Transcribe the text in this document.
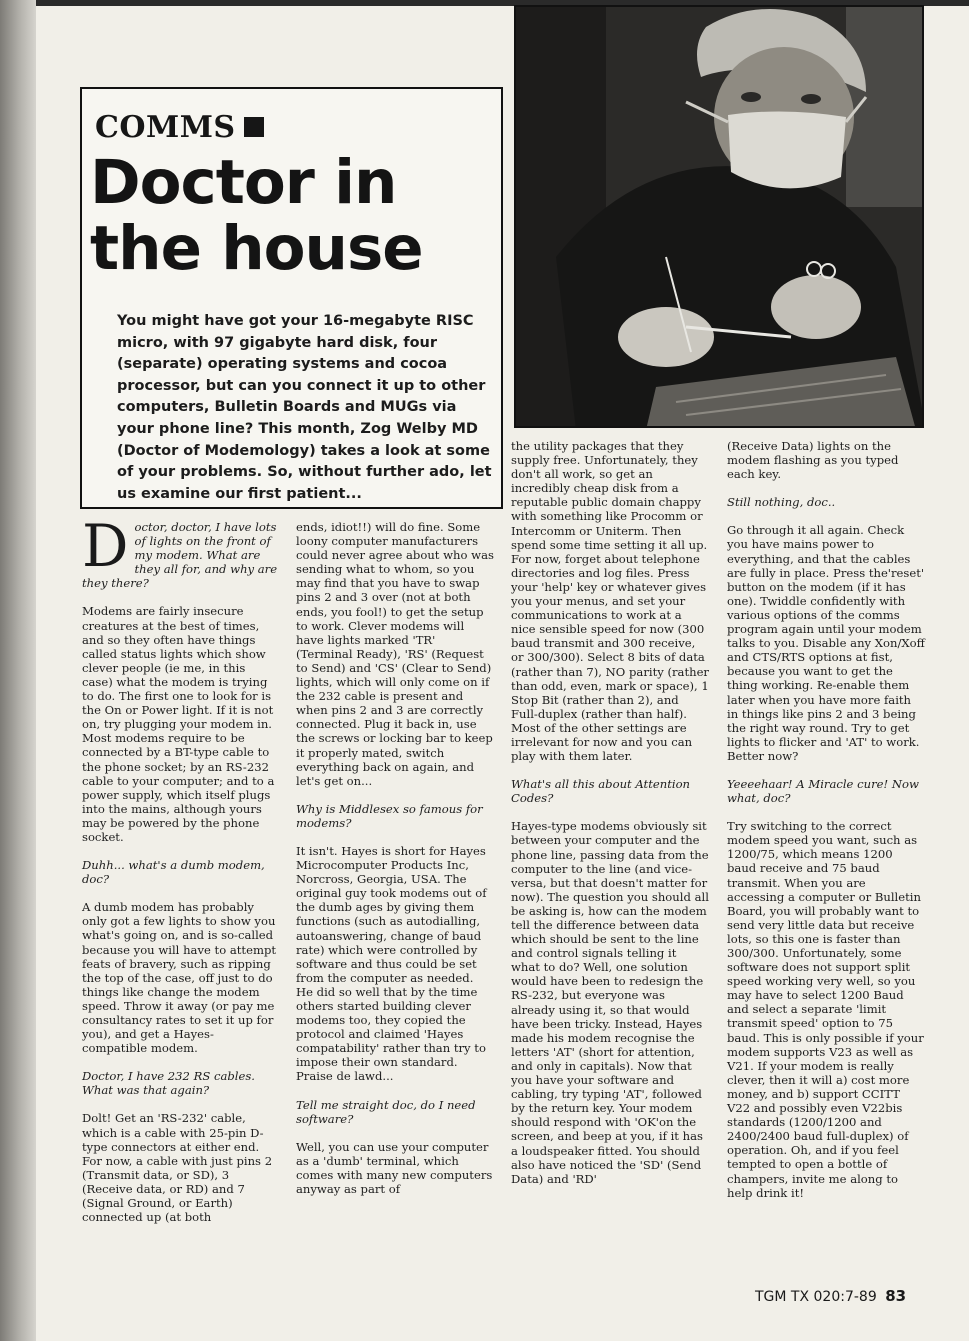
COMMS
Doctor in the house
You might have got your 16-megabyte RISC micro, with 97 gigabyte hard disk, four (separate) operating systems and cocoa processor, but can you connect it up to other computers, Bulletin Boards and MUGs via your phone line? This month, Zog Welby MD (Doctor of Modemology) takes a look at some of your problems. So, without further ado, let us examine our first patient...
D octor, doctor, I have lots of lights on the front of my modem. What are they all for, and why are they there?

Modems are fairly insecure creatures at the best of times, and so they often have things called status lights which show clever people (ie me, in this case) what the modem is trying to do. The first one to look for is the On or Power light. If it is not on, try plugging your modem in. Most modems require to be connected by a BT-type cable to the phone socket; by an RS-232 cable to your computer; and to a power supply, which itself plugs into the mains, although yours may be powered by the phone socket.

Duhh... what's a dumb modem, doc?

A dumb modem has probably only got a few lights to show you what's going on, and is so-called because you will have to attempt feats of bravery, such as ripping the top of the case, off just to do things like change the modem speed. Throw it away (or pay me consultancy rates to set it up for you), and get a Hayes-compatible modem.

Doctor, I have 232 RS cables. What was that again?

Dolt! Get an 'RS-232' cable, which is a cable with 25-pin D-type connectors at either end. For now, a cable with just pins 2 (Transmit data, or SD), 3 (Receive data, or RD) and 7 (Signal Ground, or Earth) connected up (at both

ends, idiot!!) will do fine. Some loony computer manufacturers could never agree about who was sending what to whom, so you may find that you have to swap pins 2 and 3 over (not at both ends, you fool!) to get the setup to work. Clever modems will have lights marked 'TR' (Terminal Ready), 'RS' (Request to Send) and 'CS' (Clear to Send) lights, which will only come on if the 232 cable is present and when pins 2 and 3 are correctly connected. Plug it back in, use the screws or locking bar to keep it properly mated, switch everything back on again, and let's get on...

Why is Middlesex so famous for modems?

It isn't. Hayes is short for Hayes Microcomputer Products Inc, Norcross, Georgia, USA. The original guy took modems out of the dumb ages by giving them functions (such as autodialling, autoanswering, change of baud rate) which were controlled by software and thus could be set from the computer as needed. He did so well that by the time others started building clever modems too, they copied the protocol and claimed 'Hayes compatability' rather than try to impose their own standard. Praise de lawd...

Tell me straight doc, do I need software?

Well, you can use your computer as a 'dumb' terminal, which comes with many new computers anyway as part of

the utility packages that they supply free. Unfortunately, they don't all work, so get an incredibly cheap disk from a reputable public domain chappy with something like Procomm or Intercomm or Uniterm. Then spend some time setting it all up. For now, forget about telephone directories and log files. Press your 'help' key or whatever gives you your menus, and set your communications to work at a nice sensible speed for now (300 baud transmit and 300 receive, or 300/300). Select 8 bits of data (rather than 7), NO parity (rather than odd, even, mark or space), 1 Stop Bit (rather than 2), and Full-duplex (rather than half). Most of the other settings are irrelevant for now and you can play with them later.

What's all this about Attention Codes?

Hayes-type modems obviously sit between your computer and the phone line, passing data from the computer to the line (and vice-versa, but that doesn't matter for now). The question you should all be asking is, how can the modem tell the difference between data which should be sent to the line and control signals telling it what to do? Well, one solution would have been to redesign the RS-232, but everyone was already using it, so that would have been tricky. Instead, Hayes made his modem recognise the letters 'AT' (short for attention, and only in capitals). Now that you have your software and cabling, try typing 'AT', followed by the return key. Your modem should respond with 'OK'on the screen, and beep at you, if it has a loudspeaker fitted. You should also have noticed the 'SD' (Send Data) and 'RD'

(Receive Data) lights on the modem flashing as you typed each key.

Still nothing, doc..

Go through it all again. Check you have mains power to everything, and that the cables are fully in place. Press the'reset' button on the modem (if it has one). Twiddle confidently with various options of the comms program again until your modem talks to you. Disable any Xon/Xoff and CTS/RTS options at fist, because you want to get the thing working. Re-enable them later when you have more faith in things like pins 2 and 3 being the right way round. Try to get lights to flicker and 'AT' to work. Better now?

Yeeeehaar! A Miracle cure! Now what, doc?

Try switching to the correct modem speed you want, such as 1200/75, which means 1200 baud receive and 75 baud transmit. When you are accessing a computer or Bulletin Board, you will probably want to send very little data but receive lots, so this one is faster than 300/300. Unfortunately, some software does not support split speed working very well, so you may have to select 1200 Baud and select a separate 'limit transmit speed' option to 75 baud. This is only possible if your modem supports V23 as well as V21. If your modem is really clever, then it will a) cost more money, and b) support CCITT V22 and possibly even V22bis standards (1200/1200 and 2400/2400 baud full-duplex) of operation. Oh, and if you feel tempted to open a bottle of champers, invite me along to help drink it!

TGM TX 020:7-89 83
